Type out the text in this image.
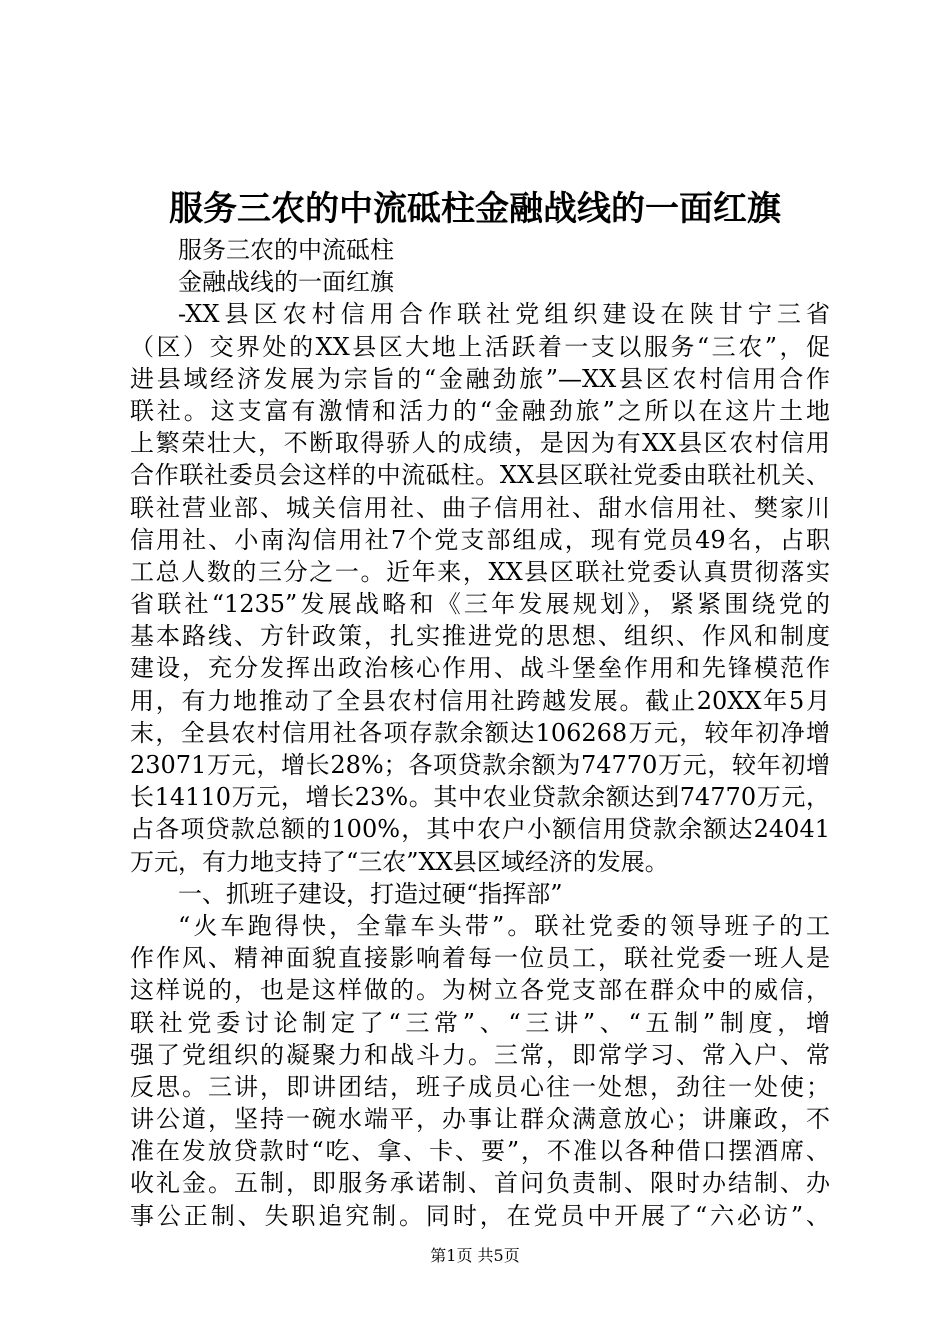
服务三农的中流砥柱金融战线的一面红旗
服务三农的中流砥柱
金融战线的一面红旗
-XX县区农村信用合作联社党组织建设在陕甘宁三省
（区）交界处的XX县区大地上活跃着一支以服务“三农”，促
进县域经济发展为宗旨的“金融劲旅”—XX县区农村信用合作
联社。这支富有激情和活力的“金融劲旅”之所以在这片土地
上繁荣壮大，不断取得骄人的成绩，是因为有XX县区农村信用
合作联社委员会这样的中流砥柱。XX县区联社党委由联社机关、
联社营业部、城关信用社、曲子信用社、甜水信用社、樊家川
信用社、小南沟信用社7个党支部组成，现有党员49名，占职
工总人数的三分之一。近年来，XX县区联社党委认真贯彻落实
省联社“1235”发展战略和《三年发展规划》，紧紧围绕党的
基本路线、方针政策，扎实推进党的思想、组织、作风和制度
建设，充分发挥出政治核心作用、战斗堡垒作用和先锋模范作
用，有力地推动了全县农村信用社跨越发展。截止20XX年5月
末，全县农村信用社各项存款余额达106268万元，较年初净增
23071万元，增长28%；各项贷款余额为74770万元，较年初增
长14110万元，增长23%。其中农业贷款余额达到74770万元，
占各项贷款总额的100%，其中农户小额信用贷款余额达24041
万元，有力地支持了“三农”XX县区域经济的发展。
一、抓班子建设，打造过硬“指挥部”
“火车跑得快，全靠车头带”。联社党委的领导班子的工
作作风、精神面貌直接影响着每一位员工，联社党委一班人是
这样说的，也是这样做的。为树立各党支部在群众中的威信，
联社党委讨论制定了“三常”、“三讲”、“五制”制度，增
强了党组织的凝聚力和战斗力。三常，即常学习、常入户、常
反思。三讲，即讲团结，班子成员心往一处想，劲往一处使；
讲公道，坚持一碗水端平，办事让群众满意放心；讲廉政，不
准在发放贷款时“吃、拿、卡、要”，不准以各种借口摆酒席、
收礼金。五制，即服务承诺制、首问负责制、限时办结制、办
事公正制、失职追究制。同时，在党员中开展了“六必访”、
第1页 共5页
